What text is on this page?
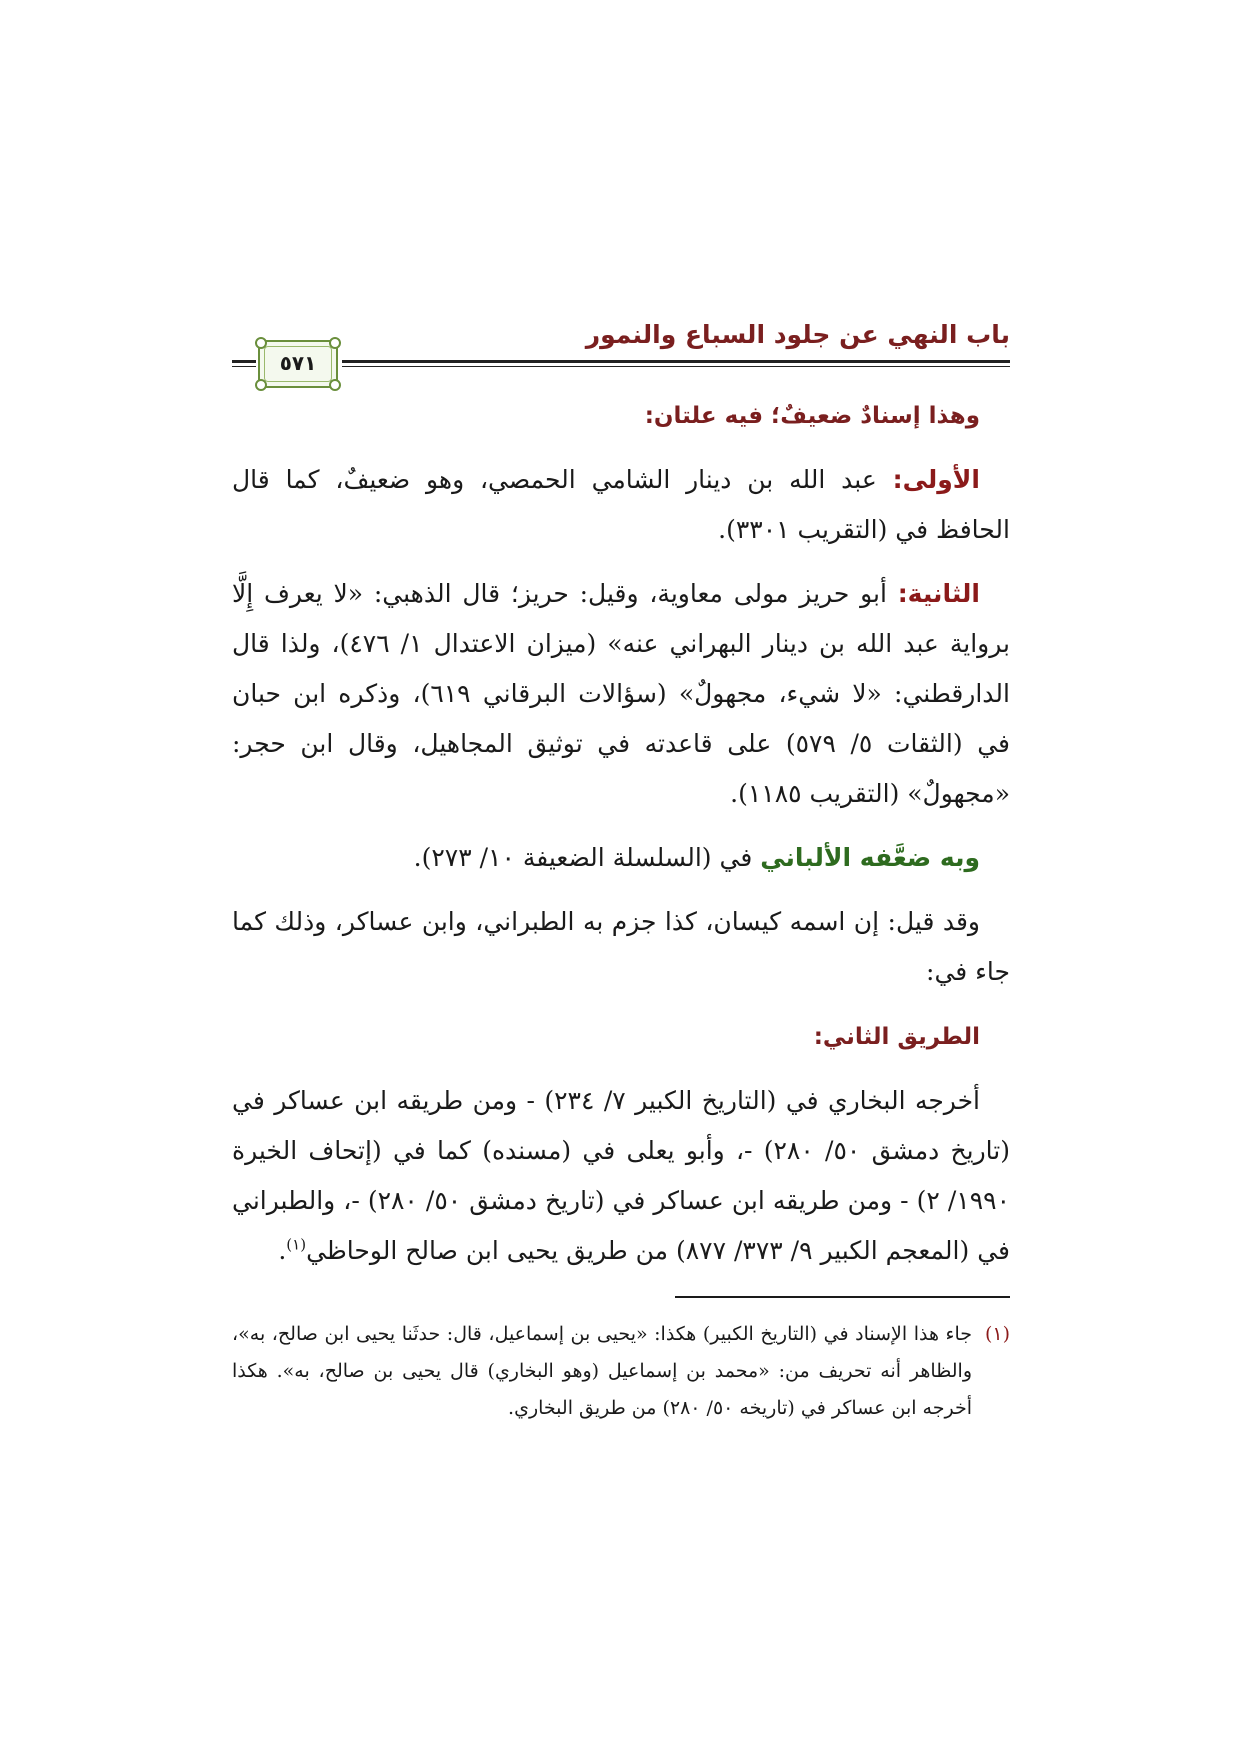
باب النهي عن جلود السباع والنمور
٥٧١

وهذا إسنادٌ ضعيفٌ؛ فيه علتان:

الأولى: عبد الله بن دينار الشامي الحمصي، وهو ضعيفٌ، كما قال الحافظ في (التقريب ٣٣٠١).

الثانية: أبو حريز مولى معاوية، وقيل: حريز؛ قال الذهبي: «لا يعرف إِلَّا برواية عبد الله بن دينار البهراني عنه» (ميزان الاعتدال ١/ ٤٧٦)، ولذا قال الدارقطني: «لا شيء، مجهولٌ» (سؤالات البرقاني ٦١٩)، وذكره ابن حبان في (الثقات ٥/ ٥٧٩) على قاعدته في توثيق المجاهيل، وقال ابن حجر: «مجهولٌ» (التقريب ١١٨٥).

وبه ضعَّفه الألباني في (السلسلة الضعيفة ١٠/ ٢٧٣).

وقد قيل: إن اسمه كيسان، كذا جزم به الطبراني، وابن عساكر، وذلك كما جاء في:

الطريق الثاني:

أخرجه البخاري في (التاريخ الكبير ٧/ ٢٣٤) - ومن طريقه ابن عساكر في (تاريخ دمشق ٥٠/ ٢٨٠) -، وأبو يعلى في (مسنده) كما في (إتحاف الخيرة ١٩٩٠/ ٢) - ومن طريقه ابن عساكر في (تاريخ دمشق ٥٠/ ٢٨٠) -، والطبراني في (المعجم الكبير ٩/ ٣٧٣/ ٨٧٧) من طريق يحيى ابن صالح الوحاظي$^{(١)}$.

(١)
جاء هذا الإسناد في (التاريخ الكبير) هكذا: «يحيى بن إسماعيل، قال: حدثَنا يحيى ابن صالح، به»، والظاهر أنه تحريف من: «محمد بن إسماعيل (وهو البخاري) قال يحيى بن صالح، به». هكذا أخرجه ابن عساكر في (تاريخه ٥٠/ ٢٨٠) من طريق البخاري.
